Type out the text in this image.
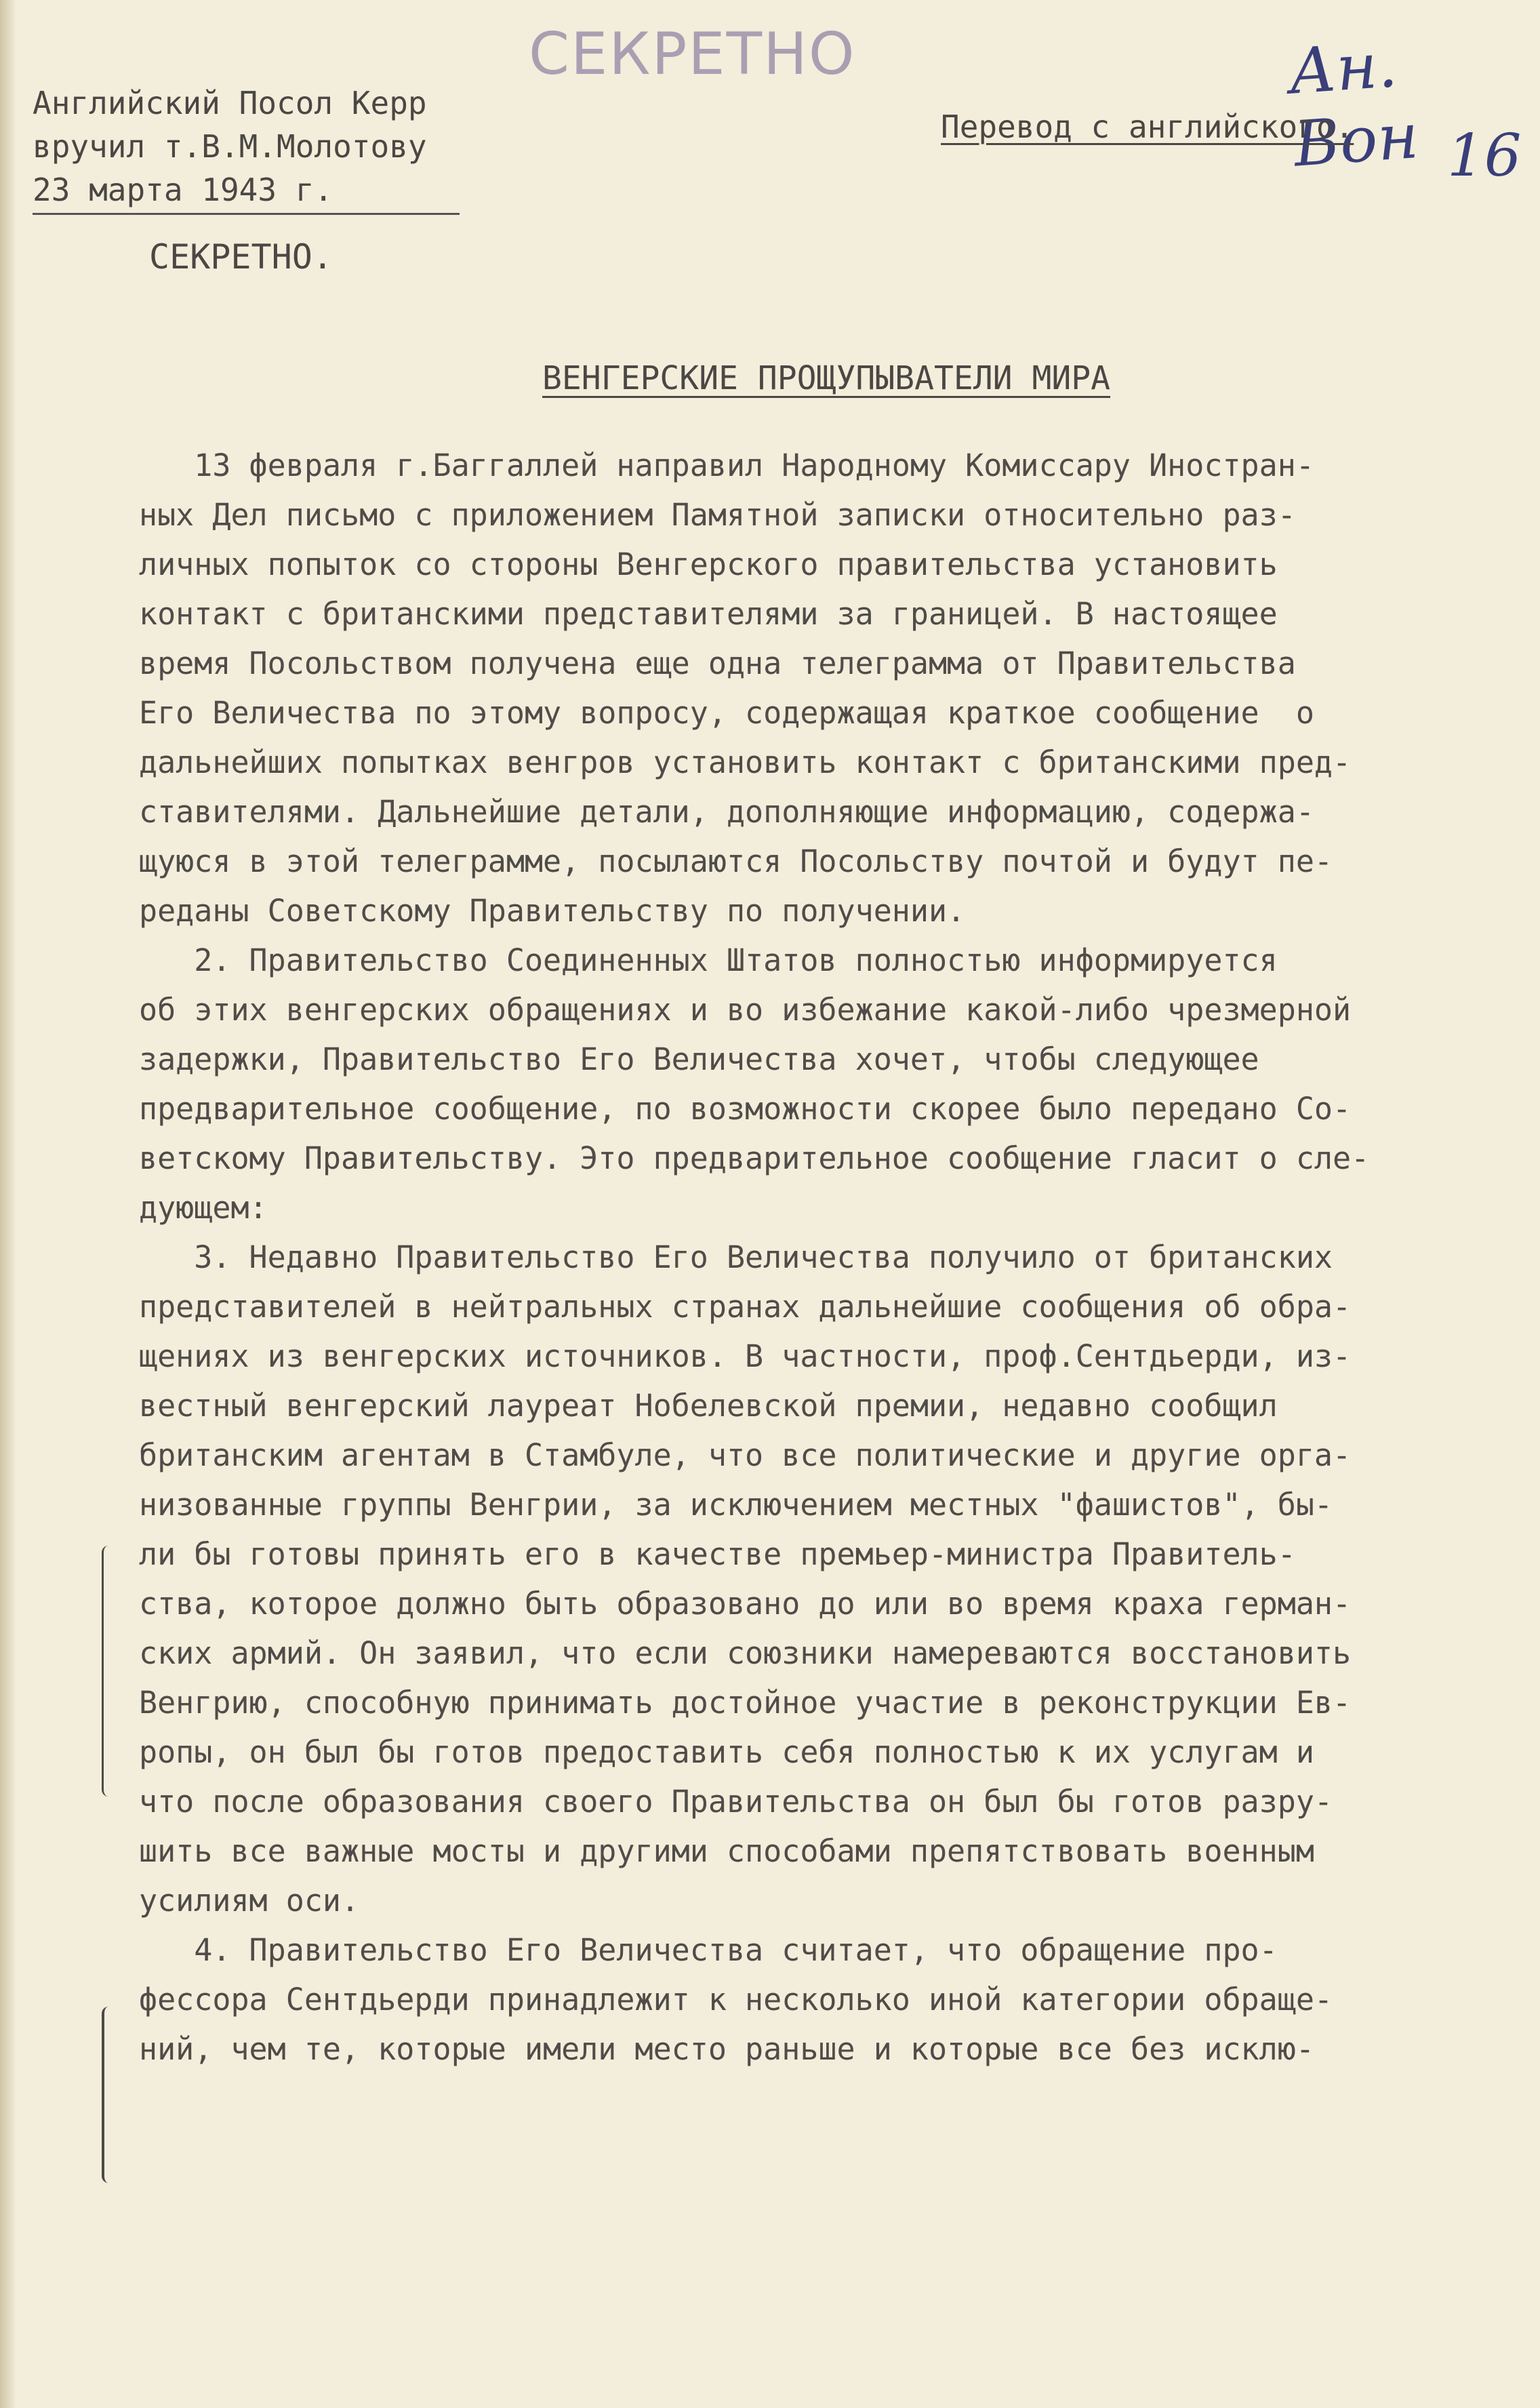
СЕКРЕТНО	Ан. Вон 16
Английский Посол Керр
вручил т.В.М.Молотову
23 марта 1943 г.
Перевод с английского.
СЕКРЕТНО.
ВЕНГЕРСКИЕ ПРОЩУПЫВАТЕЛИ МИРА
13 февраля г.Баггаллей направил Народному Комиссару Иностран-
ных Дел письмо с приложением Памятной записки относительно раз-
личных попыток со стороны Венгерского правительства установить
контакт с британскими представителями за границей. В настоящее
время Посольством получена еще одна телеграмма от Правительства
Его Величества по этому вопросу, содержащая краткое сообщение  о
дальнейших попытках венгров установить контакт с британскими пред-
ставителями. Дальнейшие детали, дополняющие информацию, содержа-
щуюся в этой телеграмме, посылаются Посольству почтой и будут пе-
реданы Советскому Правительству по получении.
2. Правительство Соединенных Штатов полностью информируется
об этих венгерских обращениях и во избежание какой-либо чрезмерной
задержки, Правительство Его Величества хочет, чтобы следующее
предварительное сообщение, по возможности скорее было передано Со-
ветскому Правительству. Это предварительное сообщение гласит о сле-
дующем:
3. Недавно Правительство Его Величества получило от британских
представителей в нейтральных странах дальнейшие сообщения об обра-
щениях из венгерских источников. В частности, проф.Сентдьерди, из-
вестный венгерский лауреат Нобелевской премии, недавно сообщил
британским агентам в Стамбуле, что все политические и другие орга-
низованные группы Венгрии, за исключением местных "фашистов", бы-
ли бы готовы принять его в качестве премьер-министра Правитель-
ства, которое должно быть образовано до или во время краха герман-
ских армий. Он заявил, что если союзники намереваются восстановить
Венгрию, способную принимать достойное участие в реконструкции Ев-
ропы, он был бы готов предоставить себя полностью к их услугам и
что после образования своего Правительства он был бы готов разру-
шить все важные мосты и другими способами препятствовать военным
усилиям оси.
4. Правительство Его Величества считает, что обращение про-
фессора Сентдьерди принадлежит к несколько иной категории обраще-
ний, чем те, которые имели место раньше и которые все без исклю-
